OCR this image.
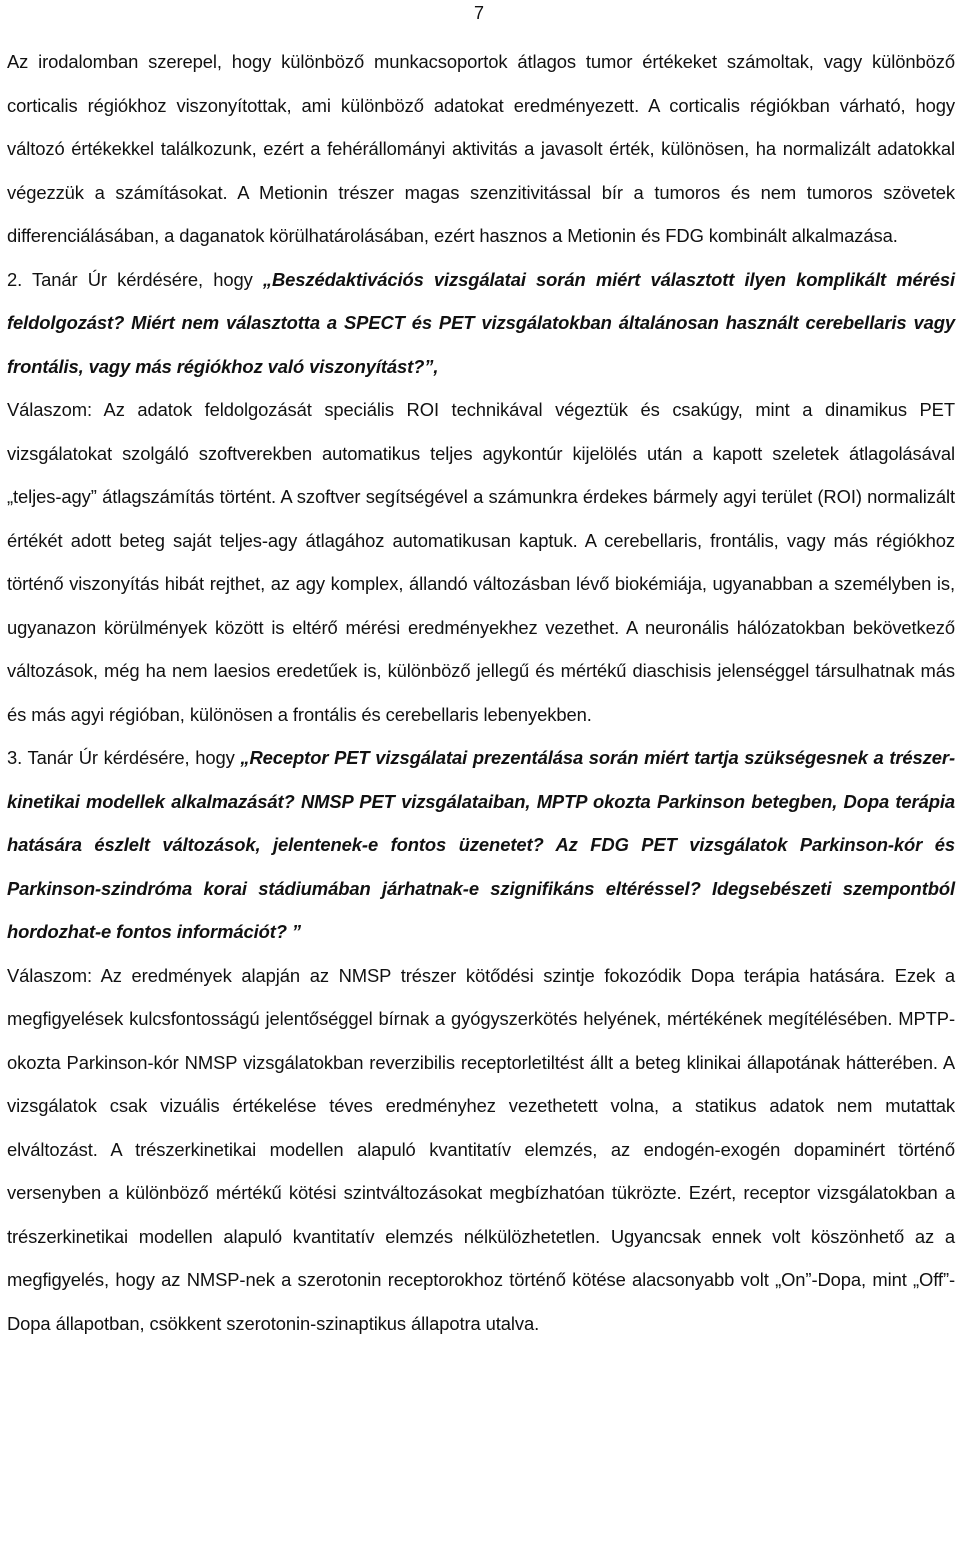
7

Az irodalomban szerepel, hogy különböző munkacsoportok átlagos tumor értékeket számoltak, vagy különböző corticalis régiókhoz viszonyítottak, ami különböző adatokat eredményezett. A corticalis régiókban várható, hogy változó értékekkel találkozunk, ezért a fehérállományi aktivitás a javasolt érték, különösen, ha normalizált adatokkal végezzük a számításokat. A Metionin trészer magas szenzitivitással bír a tumoros és nem tumoros szövetek differenciálásában, a daganatok körülhatárolásában, ezért hasznos a Metionin és FDG kombinált alkalmazása.

2. Tanár Úr kérdésére, hogy „Beszédaktivációs vizsgálatai során miért választott ilyen komplikált mérési feldolgozást? Miért nem választotta a SPECT és PET vizsgálatokban általánosan használt cerebellaris vagy frontális, vagy más régiókhoz való viszonyítást?”,

Válaszom: Az adatok feldolgozását speciális ROI technikával végeztük és csakúgy, mint a dinamikus PET vizsgálatokat szolgáló szoftverekben automatikus teljes agykontúr kijelölés után a kapott szeletek átlagolásával „teljes-agy” átlagszámítás történt. A szoftver segítségével a számunkra érdekes bármely agyi terület (ROI) normalizált értékét adott beteg saját teljes-agy átlagához automatikusan kaptuk. A cerebellaris, frontális, vagy más régiókhoz történő viszonyítás hibát rejthet, az agy komplex, állandó változásban lévő biokémiája, ugyanabban a személyben is, ugyanazon körülmények között is eltérő mérési eredményekhez vezethet. A neuronális hálózatokban bekövetkező változások, még ha nem laesios eredetűek is, különböző jellegű és mértékű diaschisis jelenséggel társulhatnak más és más agyi régióban, különösen a frontális és cerebellaris lebenyekben.

3. Tanár Úr kérdésére, hogy „Receptor PET vizsgálatai prezentálása során miért tartja szükségesnek a trészer-kinetikai modellek alkalmazását? NMSP PET vizsgálataiban, MPTP okozta Parkinson betegben, Dopa terápia hatására észlelt változások, jelentenek-e fontos üzenetet? Az FDG PET vizsgálatok Parkinson-kór és Parkinson-szindróma korai stádiumában járhatnak-e szignifikáns eltéréssel? Idegsebészeti szempontból hordozhat-e fontos információt? ”

Válaszom: Az eredmények alapján az NMSP trészer kötődési szintje fokozódik Dopa terápia hatására. Ezek a megfigyelések kulcsfontosságú jelentőséggel bírnak a gyógyszerkötés helyének, mértékének megítélésében. MPTP-okozta Parkinson-kór NMSP vizsgálatokban reverzibilis receptorletiltést állt a beteg klinikai állapotának hátterében. A vizsgálatok csak vizuális értékelése téves eredményhez vezethetett volna, a statikus adatok nem mutattak elváltozást. A trészerkinetikai modellen alapuló kvantitatív elemzés, az endogén-exogén dopaminért történő versenyben a különböző mértékű kötési szintváltozásokat megbízhatóan tükrözte. Ezért, receptor vizsgálatokban a trészerkinetikai modellen alapuló kvantitatív elemzés nélkülözhetetlen. Ugyancsak ennek volt köszönhető az a megfigyelés, hogy az NMSP-nek a szerotonin receptorokhoz történő kötése alacsonyabb volt „On”-Dopa, mint „Off”-Dopa állapotban, csökkent szerotonin-szinaptikus állapotra utalva.
